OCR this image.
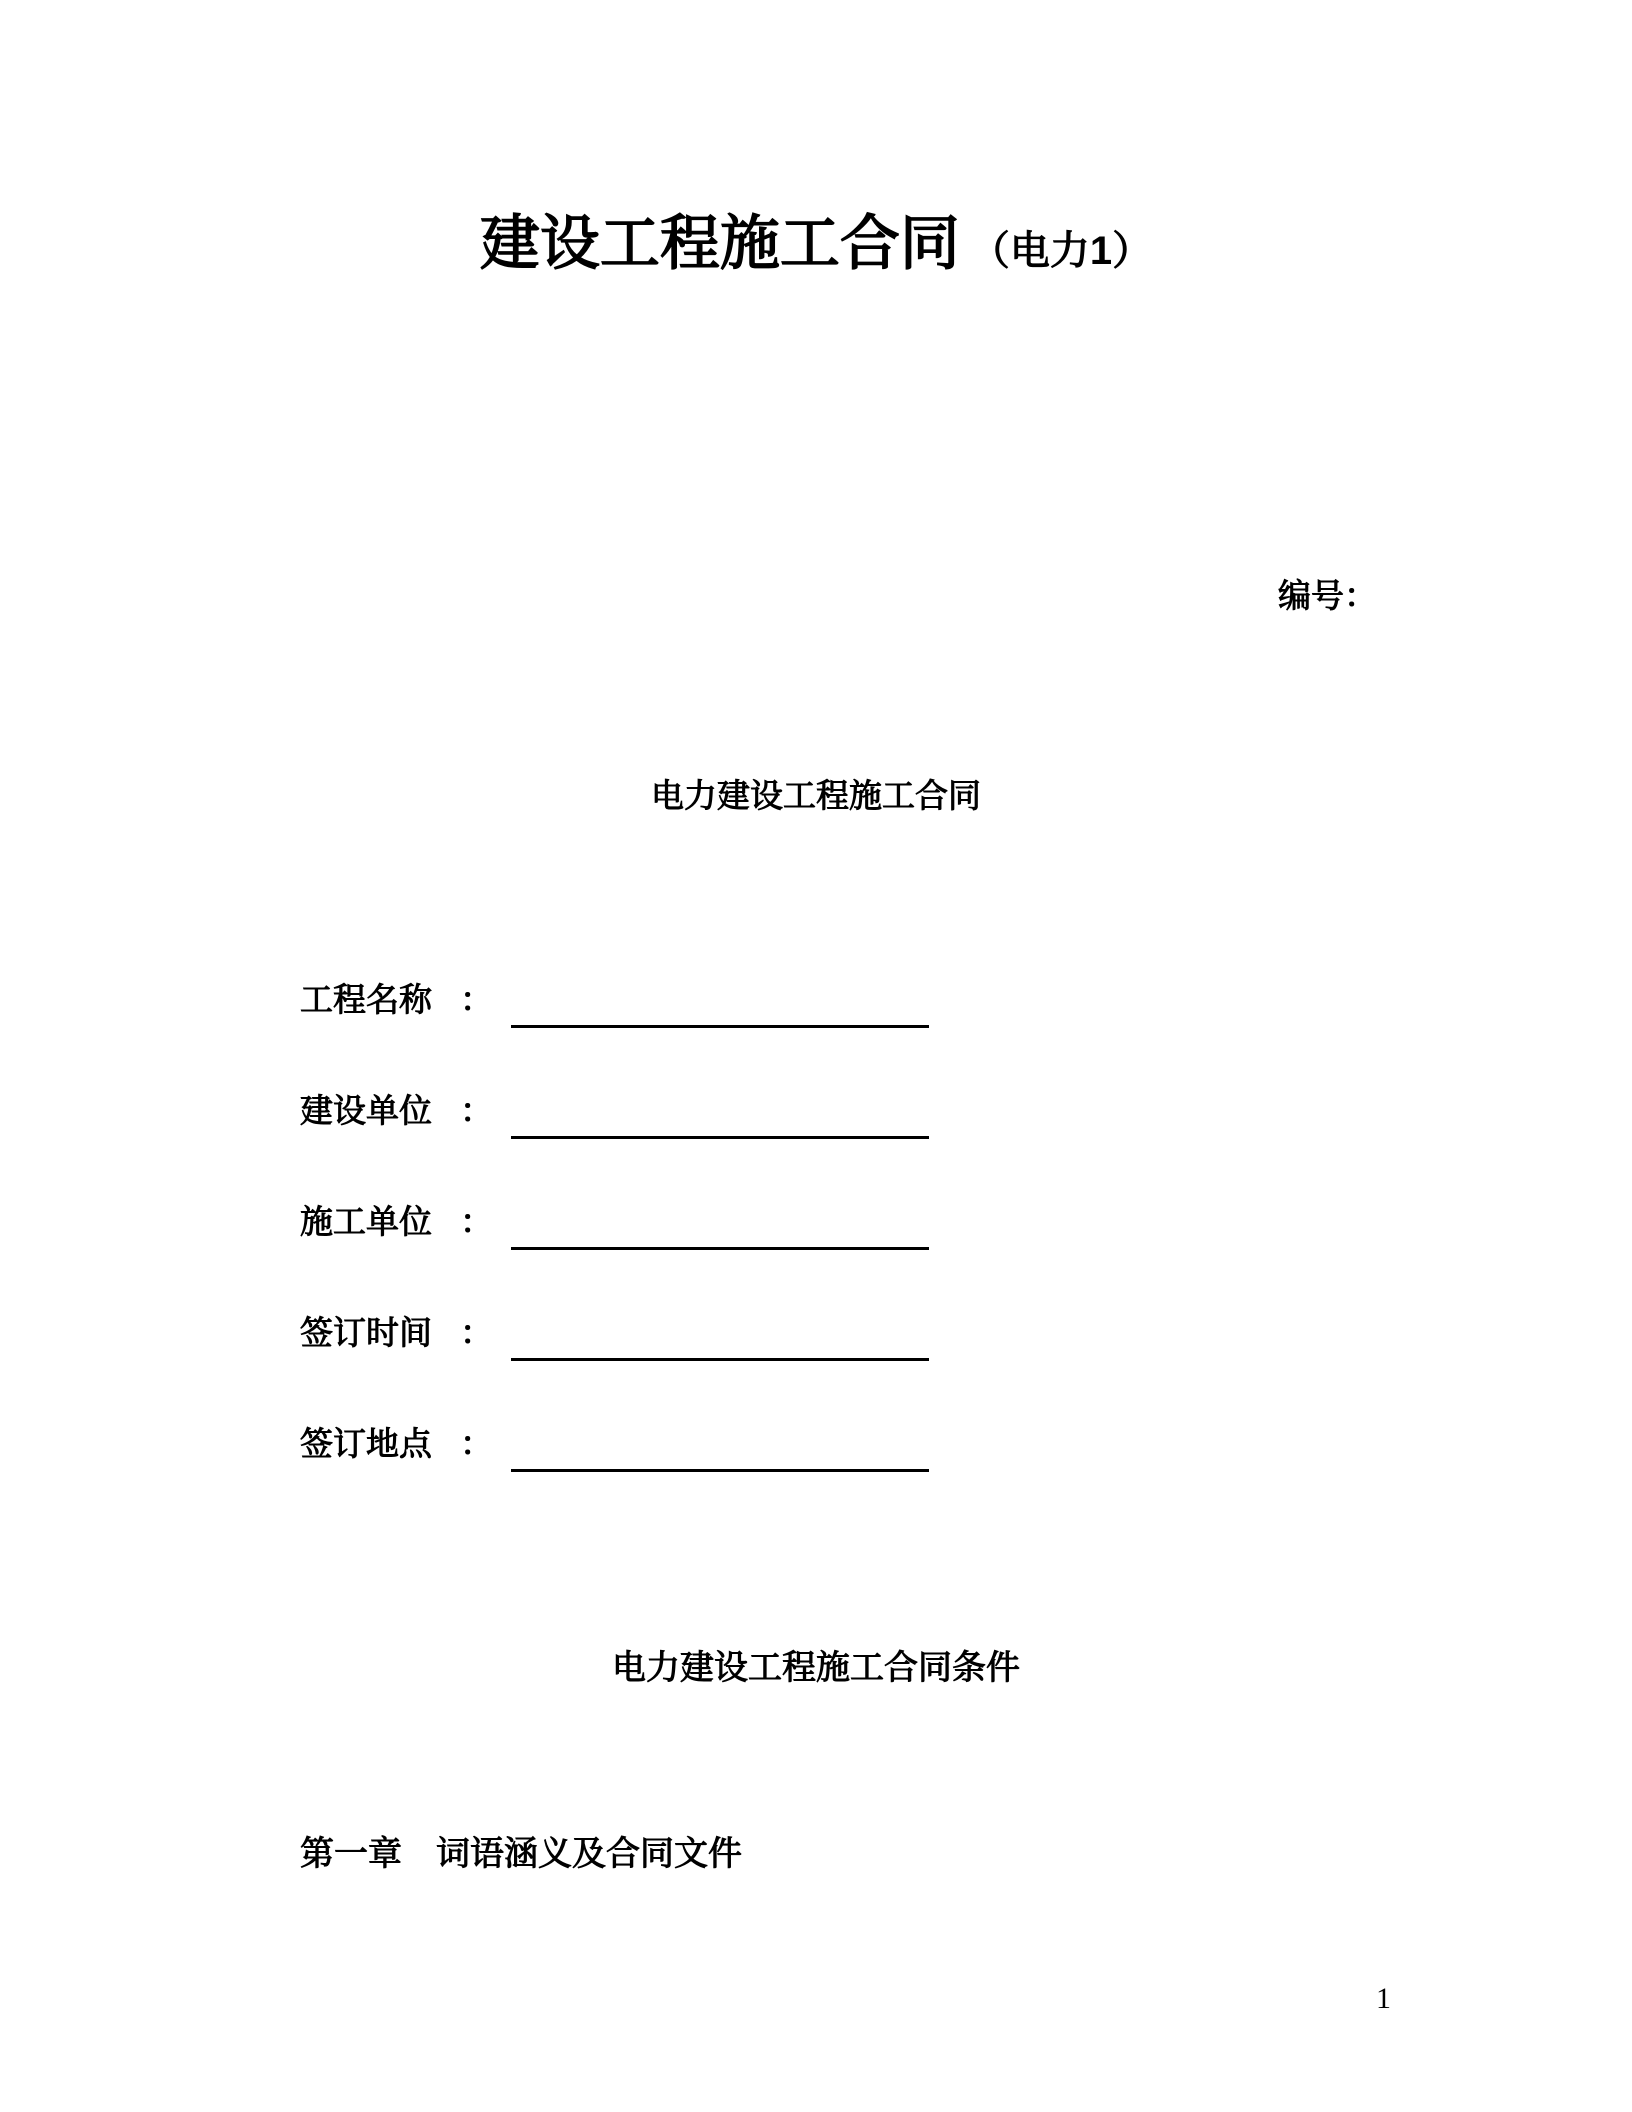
建设工程施工合同 （电力1）
编号：
电力建设工程施工合同
工程名称 ：
建设单位 ：
施工单位 ：
签订时间 ：
签订地点 ：
电力建设工程施工合同条件
第一章 词语涵义及合同文件
1
